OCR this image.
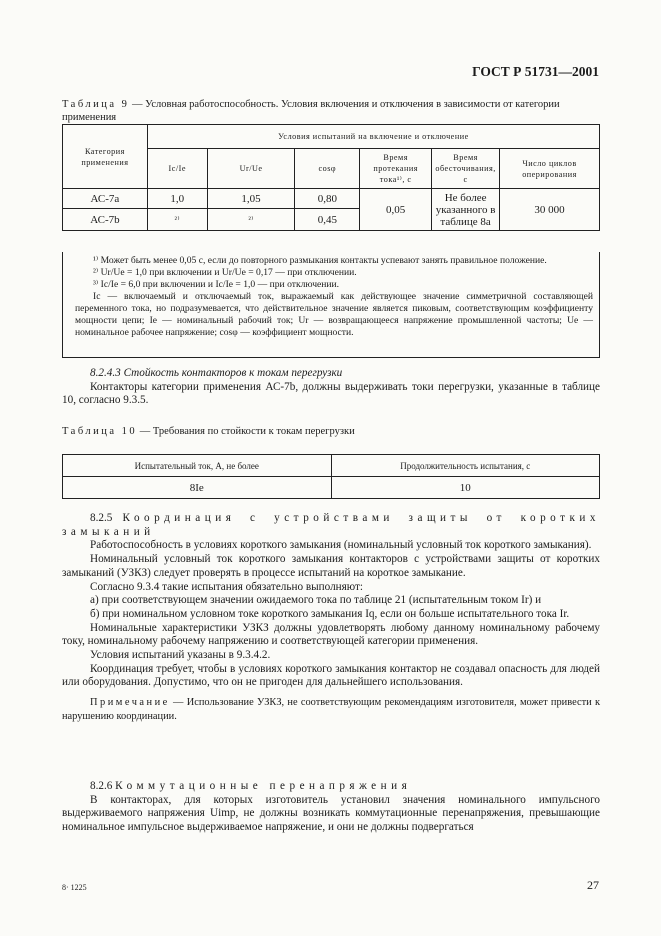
ГОСТ Р 51731—2001
Таблица 9 — Условная работоспособность. Условия включения и отключения в зависимости от категории применения
Категория применения	Условия испытаний на включение и отключение					
	Ic/Ie	Ur/Ue	cosφ	Время протекания тока¹⁾, с	Время обесточивания, с	Число циклов оперирования
АС-7а	1,0	1,05	0,80	0,05	Не более указанного в таблице 8а	30 000
АС-7b	²⁾	²⁾	0,45			

¹⁾ Может быть менее 0,05 с, если до повторного размыкания контакты успевают занять правильное положение.

²⁾ Ur/Ue = 1,0 при включении и Ur/Ue = 0,17 — при отключении.

³⁾ Ic/Ie = 6,0 при включении и Ic/Ie = 1,0 — при отключении.

Ic — включаемый и отключаемый ток, выражаемый как действующее значение симметричной составляющей переменного тока, но подразумевается, что действительное значение является пиковым, соответствующим коэффициенту мощности цепи; Ie — номинальный рабочий ток; Ur — возвращающееся напряжение промышленной частоты; Ue — номинальное рабочее напряжение; cosφ — коэффициент мощности.

8.2.4.3 Стойкость контакторов к токам перегрузки

Контакторы категории применения АС-7b, должны выдерживать токи перегрузки, указанные в таблице 10, согласно 9.3.5.

Таблица 10 — Требования по стойкости к токам перегрузки
Испытательный ток, А, не более	Продолжительность испытания, с
8Ie	10

8.2.5 Координация с устройствами защиты от коротких замыканий

Работоспособность в условиях короткого замыкания (номинальный условный ток короткого замыкания).

Номинальный условный ток короткого замыкания контакторов с устройствами защиты от коротких замыканий (УЗКЗ) следует проверять в процессе испытаний на короткое замыкание.

Согласно 9.3.4 такие испытания обязательно выполняют:

а) при соответствующем значении ожидаемого тока по таблице 21 (испытательным током Ir) и

б) при номинальном условном токе короткого замыкания Iq, если он больше испытательного тока Ir.

Номинальные характеристики УЗКЗ должны удовлетворять любому данному номинальному рабочему току, номинальному рабочему напряжению и соответствующей категории применения.

Условия испытаний указаны в 9.3.4.2.

Координация требует, чтобы в условиях короткого замыкания контактор не создавал опасность для людей или оборудования. Допустимо, что он не пригоден для дальнейшего использования.

Примечание — Использование УЗКЗ, не соответствующим рекомендациям изготовителя, может привести к нарушению координации.

8.2.6 Коммутационные перенапряжения

В контакторах, для которых изготовитель установил значения номинального импульсного выдерживаемого напряжения Uimp, не должны возникать коммутационные перенапряжения, превышающие номинальное импульсное выдерживаемое напряжение, и они не должны подвергаться

8· 1225	27
